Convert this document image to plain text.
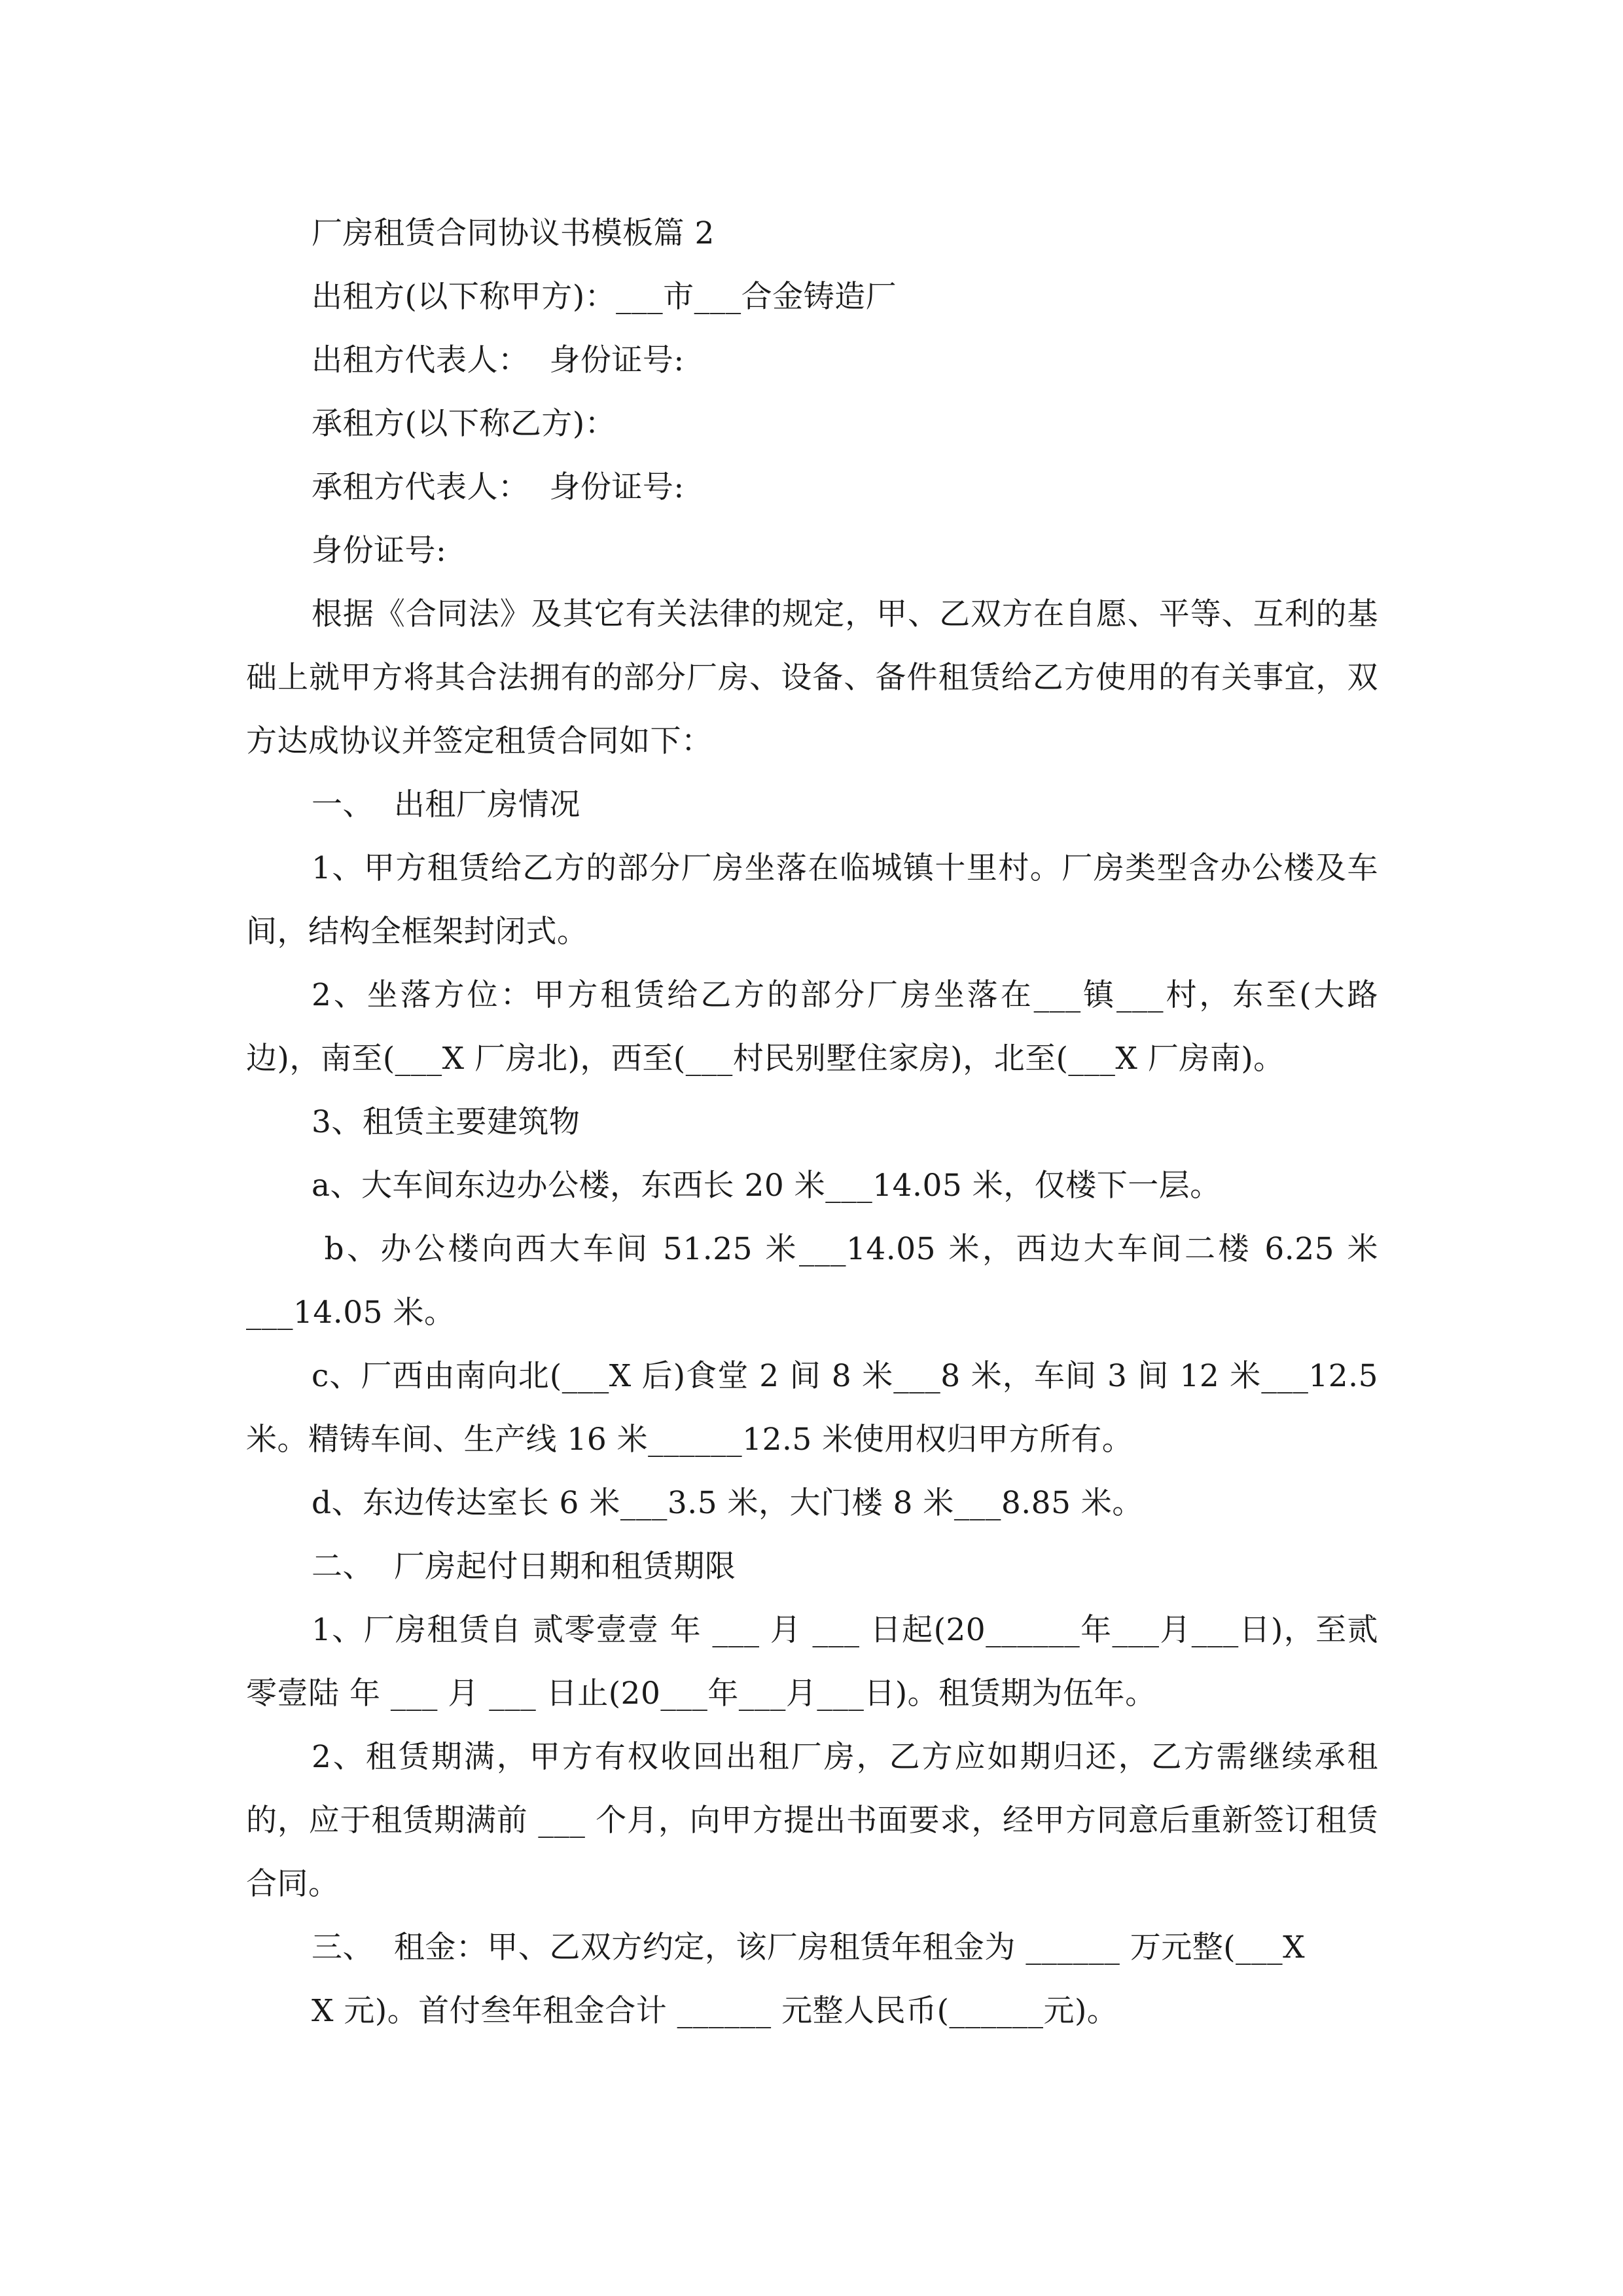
厂房租赁合同协议书模板篇 2

出租方(以下称甲方)：___市___合金铸造厂

出租方代表人：  身份证号:

承租方(以下称乙方)：

承租方代表人：  身份证号:

身份证号:

根据《合同法》及其它有关法律的规定，甲、乙双方在自愿、平等、互利的基础上就甲方将其合法拥有的部分厂房、设备、备件租赁给乙方使用的有关事宜，双方达成协议并签定租赁合同如下：

一、  出租厂房情况

1、甲方租赁给乙方的部分厂房坐落在临城镇十里村。厂房类型含办公楼及车间，结构全框架封闭式。

2、坐落方位：甲方租赁给乙方的部分厂房坐落在___镇___村，东至(大路边)，南至(___X 厂房北)，西至(___村民别墅住家房)，北至(___X 厂房南)。

3、租赁主要建筑物

a、大车间东边办公楼，东西长 20 米___14.05 米，仅楼下一层。

b、办公楼向西大车间 51.25 米___14.05 米，西边大车间二楼 6.25 米___14.05 米。

c、厂西由南向北(___X 后)食堂 2 间 8 米___8 米，车间 3 间 12 米___12.5 米。精铸车间、生产线 16 米______12.5 米使用权归甲方所有。

d、东边传达室长 6 米___3.5 米，大门楼 8 米___8.85 米。

二、  厂房起付日期和租赁期限

1、厂房租赁自 贰零壹壹 年 ___ 月 ___ 日起(20______年___月___日)，至贰零壹陆 年 ___ 月 ___ 日止(20___年___月___日)。租赁期为伍年。

2、租赁期满，甲方有权收回出租厂房，乙方应如期归还，乙方需继续承租的，应于租赁期满前 ___ 个月，向甲方提出书面要求，经甲方同意后重新签订租赁合同。

三、  租金：甲、乙双方约定，该厂房租赁年租金为 ______ 万元整(___X

X 元)。首付叁年租金合计 ______ 元整人民币(______元)。
